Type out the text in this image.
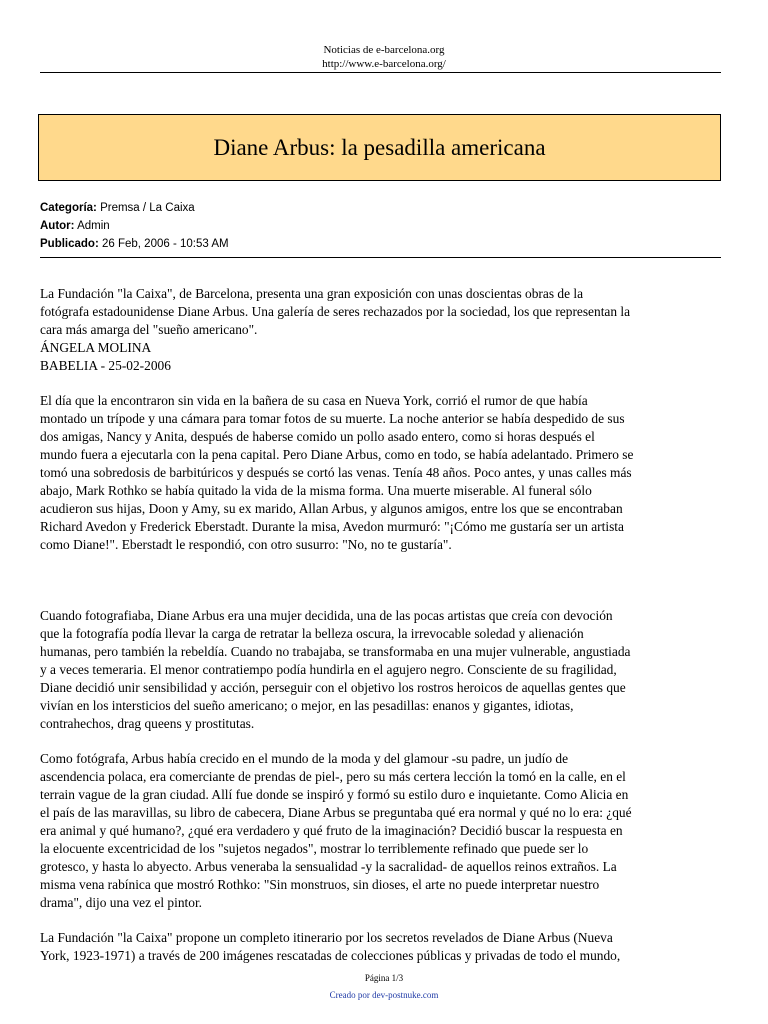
Noticias de e-barcelona.org
http://www.e-barcelona.org/
Diane Arbus: la pesadilla americana
Categoría: Premsa / La Caixa
Autor: Admin
Publicado: 26 Feb, 2006 - 10:53 AM

La Fundación "la Caixa", de Barcelona, presenta una gran exposición con unas doscientas obras de la

fotógrafa estadounidense Diane Arbus. Una galería de seres rechazados por la sociedad, los que representan la

cara más amarga del "sueño americano".

ÁNGELA MOLINA

BABELIA - 25-02-2006

El día que la encontraron sin vida en la bañera de su casa en Nueva York, corrió el rumor de que había

montado un trípode y una cámara para tomar fotos de su muerte. La noche anterior se había despedido de sus

dos amigas, Nancy y Anita, después de haberse comido un pollo asado entero, como si horas después el

mundo fuera a ejecutarla con la pena capital. Pero Diane Arbus, como en todo, se había adelantado. Primero se

tomó una sobredosis de barbitúricos y después se cortó las venas. Tenía 48 años. Poco antes, y unas calles más

abajo, Mark Rothko se había quitado la vida de la misma forma. Una muerte miserable. Al funeral sólo

acudieron sus hijas, Doon y Amy, su ex marido, Allan Arbus, y algunos amigos, entre los que se encontraban

Richard Avedon y Frederick Eberstadt. Durante la misa, Avedon murmuró: "¡Cómo me gustaría ser un artista

como Diane!". Eberstadt le respondió, con otro susurro: "No, no te gustaría".

Cuando fotografiaba, Diane Arbus era una mujer decidida, una de las pocas artistas que creía con devoción

que la fotografía podía llevar la carga de retratar la belleza oscura, la irrevocable soledad y alienación

humanas, pero también la rebeldía. Cuando no trabajaba, se transformaba en una mujer vulnerable, angustiada

y a veces temeraria. El menor contratiempo podía hundirla en el agujero negro. Consciente de su fragilidad,

Diane decidió unir sensibilidad y acción, perseguir con el objetivo los rostros heroicos de aquellas gentes que

vivían en los intersticios del sueño americano; o mejor, en las pesadillas: enanos y gigantes, idiotas,

contrahechos, drag queens y prostitutas.

Como fotógrafa, Arbus había crecido en el mundo de la moda y del glamour -su padre, un judío de

ascendencia polaca, era comerciante de prendas de piel-, pero su más certera lección la tomó en la calle, en el

terrain vague de la gran ciudad. Allí fue donde se inspiró y formó su estilo duro e inquietante. Como Alicia en

el país de las maravillas, su libro de cabecera, Diane Arbus se preguntaba qué era normal y qué no lo era: ¿qué

era animal y qué humano?, ¿qué era verdadero y qué fruto de la imaginación? Decidió buscar la respuesta en

la elocuente excentricidad de los "sujetos negados", mostrar lo terriblemente refinado que puede ser lo

grotesco, y hasta lo abyecto. Arbus veneraba la sensualidad -y la sacralidad- de aquellos reinos extraños. La

misma vena rabínica que mostró Rothko: "Sin monstruos, sin dioses, el arte no puede interpretar nuestro

drama", dijo una vez el pintor.

La Fundación "la Caixa" propone un completo itinerario por los secretos revelados de Diane Arbus (Nueva

York, 1923-1971) a través de 200 imágenes rescatadas de colecciones públicas y privadas de todo el mundo,

Página 1/3
Creado por dev-postnuke.com
